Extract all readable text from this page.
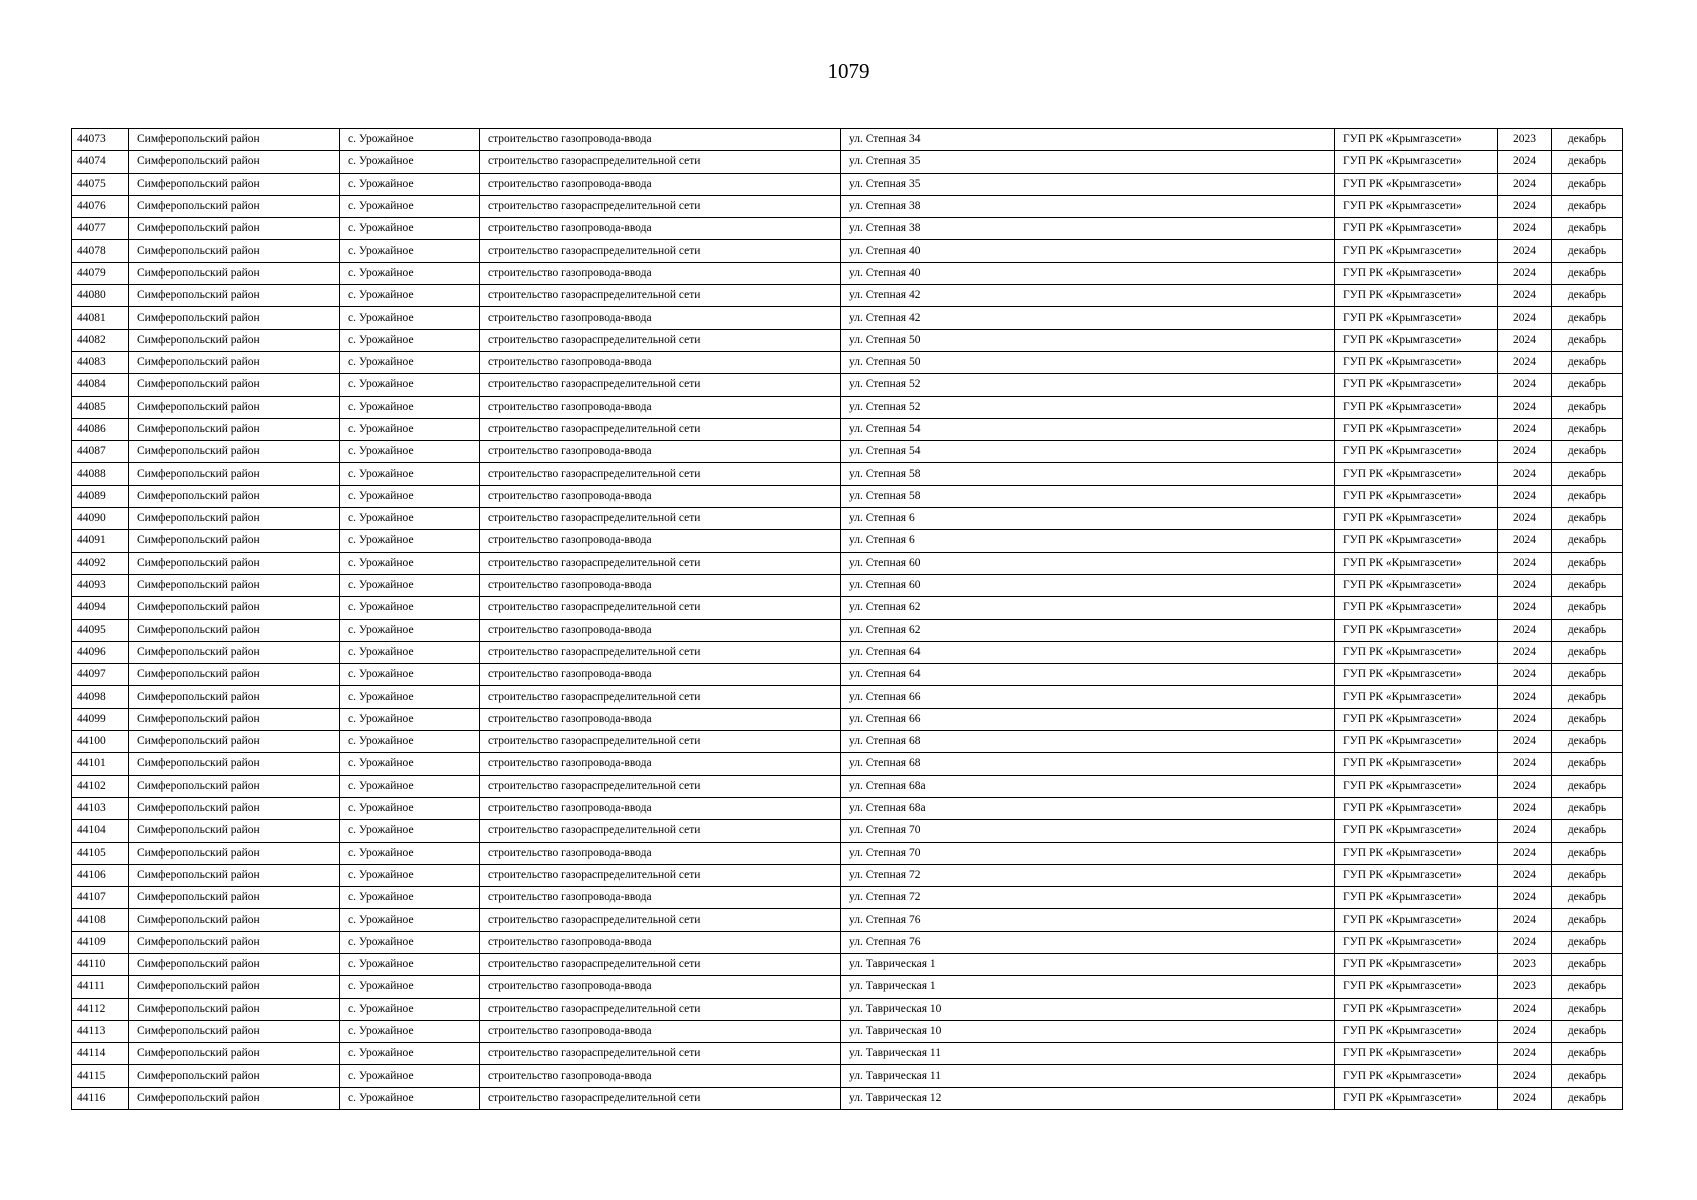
1079
44073	Симферопольский район	с. Урожайное	строительство газопровода-ввода	ул. Степная 34	ГУП РК «Крымгазсети»	2023	декабрь
44074	Симферопольский район	с. Урожайное	строительство газораспределительной сети	ул. Степная 35	ГУП РК «Крымгазсети»	2024	декабрь
44075	Симферопольский район	с. Урожайное	строительство газопровода-ввода	ул. Степная 35	ГУП РК «Крымгазсети»	2024	декабрь
44076	Симферопольский район	с. Урожайное	строительство газораспределительной сети	ул. Степная 38	ГУП РК «Крымгазсети»	2024	декабрь
44077	Симферопольский район	с. Урожайное	строительство газопровода-ввода	ул. Степная 38	ГУП РК «Крымгазсети»	2024	декабрь
44078	Симферопольский район	с. Урожайное	строительство газораспределительной сети	ул. Степная 40	ГУП РК «Крымгазсети»	2024	декабрь
44079	Симферопольский район	с. Урожайное	строительство газопровода-ввода	ул. Степная 40	ГУП РК «Крымгазсети»	2024	декабрь
44080	Симферопольский район	с. Урожайное	строительство газораспределительной сети	ул. Степная 42	ГУП РК «Крымгазсети»	2024	декабрь
44081	Симферопольский район	с. Урожайное	строительство газопровода-ввода	ул. Степная 42	ГУП РК «Крымгазсети»	2024	декабрь
44082	Симферопольский район	с. Урожайное	строительство газораспределительной сети	ул. Степная 50	ГУП РК «Крымгазсети»	2024	декабрь
44083	Симферопольский район	с. Урожайное	строительство газопровода-ввода	ул. Степная 50	ГУП РК «Крымгазсети»	2024	декабрь
44084	Симферопольский район	с. Урожайное	строительство газораспределительной сети	ул. Степная 52	ГУП РК «Крымгазсети»	2024	декабрь
44085	Симферопольский район	с. Урожайное	строительство газопровода-ввода	ул. Степная 52	ГУП РК «Крымгазсети»	2024	декабрь
44086	Симферопольский район	с. Урожайное	строительство газораспределительной сети	ул. Степная 54	ГУП РК «Крымгазсети»	2024	декабрь
44087	Симферопольский район	с. Урожайное	строительство газопровода-ввода	ул. Степная 54	ГУП РК «Крымгазсети»	2024	декабрь
44088	Симферопольский район	с. Урожайное	строительство газораспределительной сети	ул. Степная 58	ГУП РК «Крымгазсети»	2024	декабрь
44089	Симферопольский район	с. Урожайное	строительство газопровода-ввода	ул. Степная 58	ГУП РК «Крымгазсети»	2024	декабрь
44090	Симферопольский район	с. Урожайное	строительство газораспределительной сети	ул. Степная 6	ГУП РК «Крымгазсети»	2024	декабрь
44091	Симферопольский район	с. Урожайное	строительство газопровода-ввода	ул. Степная 6	ГУП РК «Крымгазсети»	2024	декабрь
44092	Симферопольский район	с. Урожайное	строительство газораспределительной сети	ул. Степная 60	ГУП РК «Крымгазсети»	2024	декабрь
44093	Симферопольский район	с. Урожайное	строительство газопровода-ввода	ул. Степная 60	ГУП РК «Крымгазсети»	2024	декабрь
44094	Симферопольский район	с. Урожайное	строительство газораспределительной сети	ул. Степная 62	ГУП РК «Крымгазсети»	2024	декабрь
44095	Симферопольский район	с. Урожайное	строительство газопровода-ввода	ул. Степная 62	ГУП РК «Крымгазсети»	2024	декабрь
44096	Симферопольский район	с. Урожайное	строительство газораспределительной сети	ул. Степная 64	ГУП РК «Крымгазсети»	2024	декабрь
44097	Симферопольский район	с. Урожайное	строительство газопровода-ввода	ул. Степная 64	ГУП РК «Крымгазсети»	2024	декабрь
44098	Симферопольский район	с. Урожайное	строительство газораспределительной сети	ул. Степная 66	ГУП РК «Крымгазсети»	2024	декабрь
44099	Симферопольский район	с. Урожайное	строительство газопровода-ввода	ул. Степная 66	ГУП РК «Крымгазсети»	2024	декабрь
44100	Симферопольский район	с. Урожайное	строительство газораспределительной сети	ул. Степная 68	ГУП РК «Крымгазсети»	2024	декабрь
44101	Симферопольский район	с. Урожайное	строительство газопровода-ввода	ул. Степная 68	ГУП РК «Крымгазсети»	2024	декабрь
44102	Симферопольский район	с. Урожайное	строительство газораспределительной сети	ул. Степная 68а	ГУП РК «Крымгазсети»	2024	декабрь
44103	Симферопольский район	с. Урожайное	строительство газопровода-ввода	ул. Степная 68а	ГУП РК «Крымгазсети»	2024	декабрь
44104	Симферопольский район	с. Урожайное	строительство газораспределительной сети	ул. Степная 70	ГУП РК «Крымгазсети»	2024	декабрь
44105	Симферопольский район	с. Урожайное	строительство газопровода-ввода	ул. Степная 70	ГУП РК «Крымгазсети»	2024	декабрь
44106	Симферопольский район	с. Урожайное	строительство газораспределительной сети	ул. Степная 72	ГУП РК «Крымгазсети»	2024	декабрь
44107	Симферопольский район	с. Урожайное	строительство газопровода-ввода	ул. Степная 72	ГУП РК «Крымгазсети»	2024	декабрь
44108	Симферопольский район	с. Урожайное	строительство газораспределительной сети	ул. Степная 76	ГУП РК «Крымгазсети»	2024	декабрь
44109	Симферопольский район	с. Урожайное	строительство газопровода-ввода	ул. Степная 76	ГУП РК «Крымгазсети»	2024	декабрь
44110	Симферопольский район	с. Урожайное	строительство газораспределительной сети	ул. Таврическая 1	ГУП РК «Крымгазсети»	2023	декабрь
44111	Симферопольский район	с. Урожайное	строительство газопровода-ввода	ул. Таврическая 1	ГУП РК «Крымгазсети»	2023	декабрь
44112	Симферопольский район	с. Урожайное	строительство газораспределительной сети	ул. Таврическая 10	ГУП РК «Крымгазсети»	2024	декабрь
44113	Симферопольский район	с. Урожайное	строительство газопровода-ввода	ул. Таврическая 10	ГУП РК «Крымгазсети»	2024	декабрь
44114	Симферопольский район	с. Урожайное	строительство газораспределительной сети	ул. Таврическая 11	ГУП РК «Крымгазсети»	2024	декабрь
44115	Симферопольский район	с. Урожайное	строительство газопровода-ввода	ул. Таврическая 11	ГУП РК «Крымгазсети»	2024	декабрь
44116	Симферопольский район	с. Урожайное	строительство газораспределительной сети	ул. Таврическая 12	ГУП РК «Крымгазсети»	2024	декабрь
